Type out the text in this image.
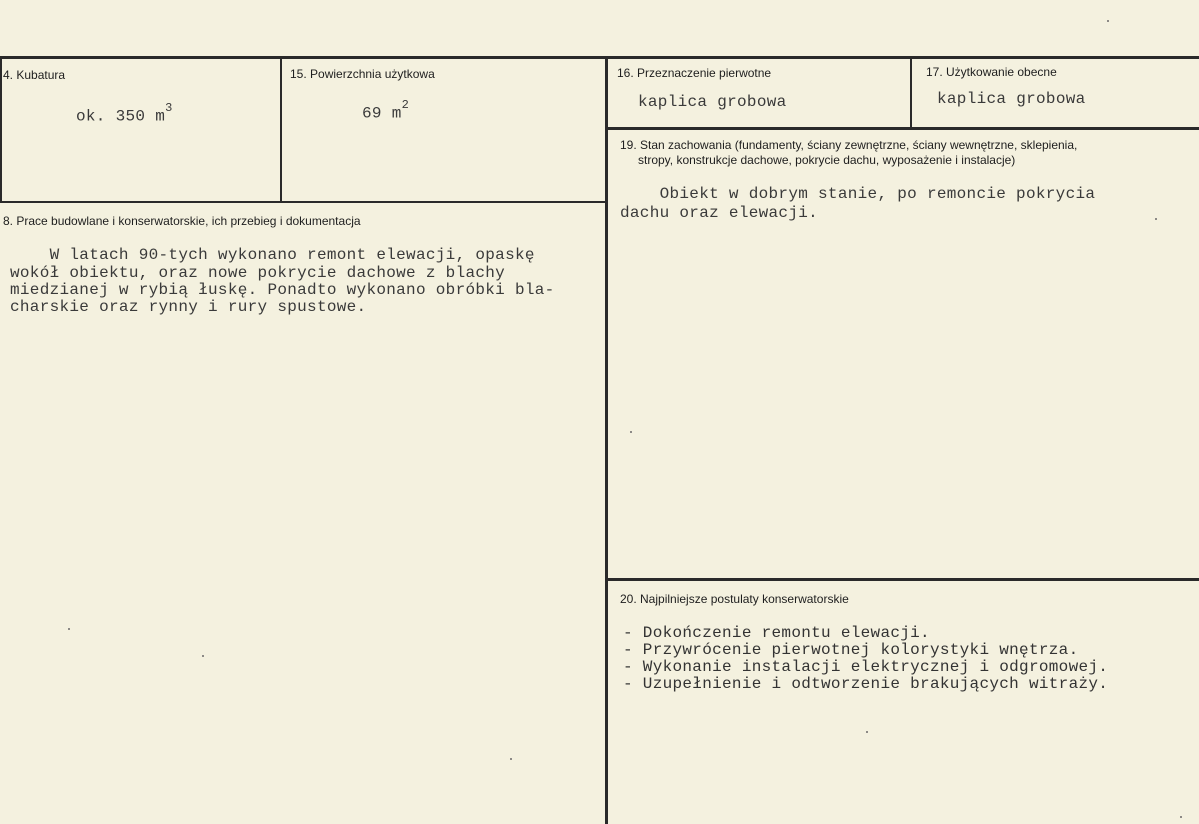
4. Kubatura
ok. 350 $m^3$
15. Powierzchnia użytkowa
69 $m^2$
16. Przeznaczenie pierwotne
kaplica grobowa
17. Użytkowanie obecne
kaplica grobowa
19. Stan zachowania (fundamenty, ściany zewnętrzne, ściany wewnętrzne, sklepienia,
stropy, konstrukcje dachowe, pokrycie dachu, wyposażenie i instalacje)
Obiekt w dobrym stanie, po remoncie pokrycia
dachu oraz elewacji.
8. Prace budowlane i konserwatorskie, ich przebieg i dokumentacja
W latach 90-tych wykonano remont elewacji, opaskę
wokół obiektu, oraz nowe pokrycie dachowe z blachy
miedzianej w rybią łuskę. Ponadto wykonano obróbki bla-
charskie oraz rynny i rury spustowe.
20. Najpilniejsze postulaty konserwatorskie
- Dokończenie remontu elewacji.
- Przywrócenie pierwotnej kolorystyki wnętrza.
- Wykonanie instalacji elektrycznej i odgromowej.
- Uzupełnienie i odtworzenie brakujących witraży.
